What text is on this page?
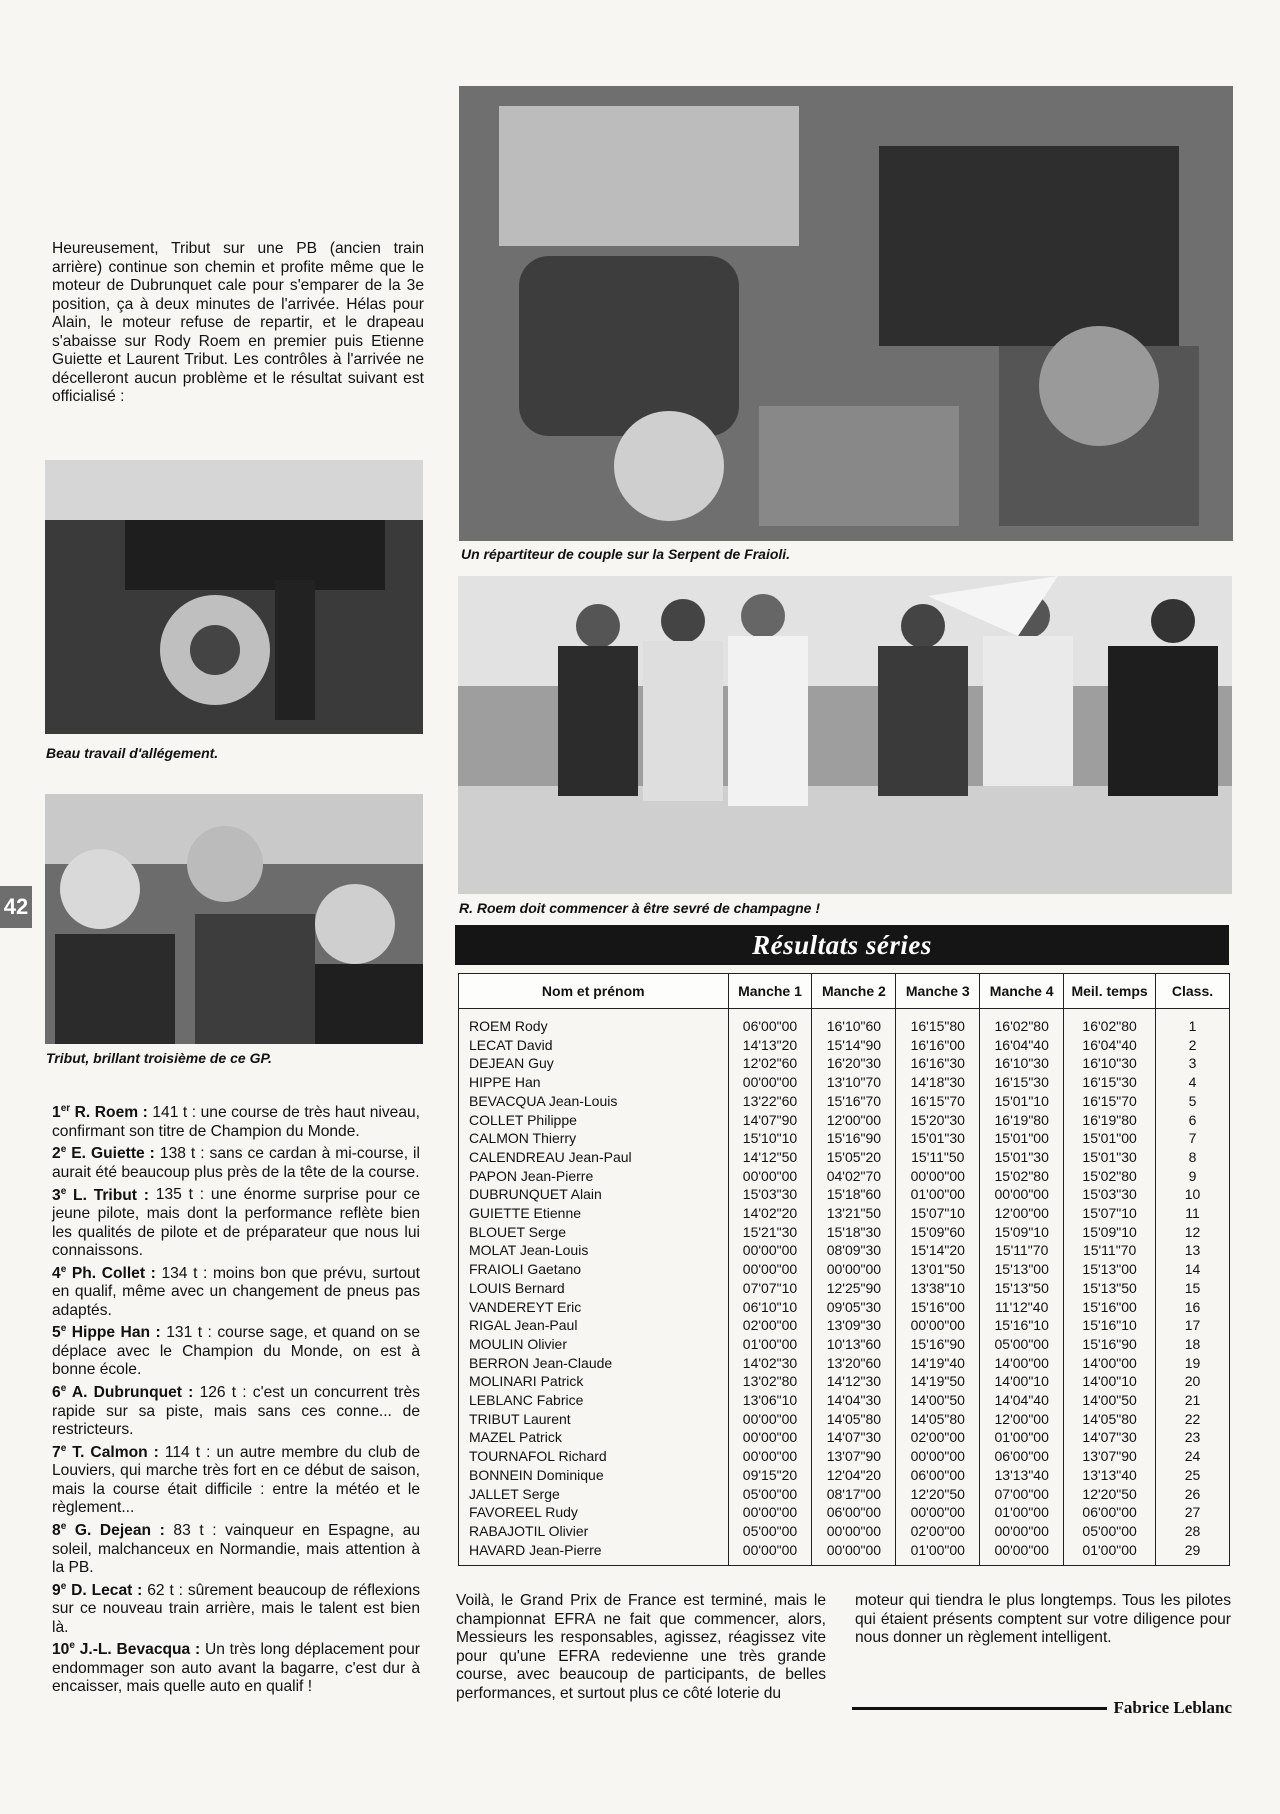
Un répartiteur de couple sur la Serpent de Fraioli.
Beau travail d'allégement.
Tribut, brillant troisième de ce GP.
R. Roem doit commencer à être sevré de champagne !
42
Heureusement, Tribut sur une PB (ancien train arrière) continue son chemin et profite même que le moteur de Dubrunquet cale pour s'emparer de la 3e position, ça à deux minutes de l'arrivée. Hélas pour Alain, le moteur refuse de repartir, et le drapeau s'abaisse sur Rody Roem en premier puis Etienne Guiette et Laurent Tribut. Les contrôles à l'arrivée ne décelleront aucun problème et le résultat suivant est officialisé :

1er R. Roem : 141 t : une course de très haut niveau, confirmant son titre de Champion du Monde.

2e E. Guiette : 138 t : sans ce cardan à mi-course, il aurait été beaucoup plus près de la tête de la course.

3e L. Tribut : 135 t : une énorme surprise pour ce jeune pilote, mais dont la performance reflète bien les qualités de pilote et de préparateur que nous lui connaissons.

4e Ph. Collet : 134 t : moins bon que prévu, surtout en qualif, même avec un changement de pneus pas adaptés.

5e Hippe Han : 131 t : course sage, et quand on se déplace avec le Champion du Monde, on est à bonne école.

6e A. Dubrunquet : 126 t : c'est un concurrent très rapide sur sa piste, mais sans ces conne... de restricteurs.

7e T. Calmon : 114 t : un autre membre du club de Louviers, qui marche très fort en ce début de saison, mais la course était difficile : entre la météo et le règlement...

8e G. Dejean : 83 t : vainqueur en Espagne, au soleil, malchanceux en Normandie, mais attention à la PB.

9e D. Lecat : 62 t : sûrement beaucoup de réflexions sur ce nouveau train arrière, mais le talent est bien là.

10e J.-L. Bevacqua : Un très long déplacement pour endommager son auto avant la bagarre, c'est dur à encaisser, mais quelle auto en qualif !

Résultats séries
Nom et prénom	Manche 1	Manche 2	Manche 3	Manche 4	Meil. temps	Class.
ROEM Rody	06'00"00	16'10"60	16'15"80	16'02"80	16'02"80	1
LECAT David	14'13"20	15'14"90	16'16"00	16'04"40	16'04"40	2
DEJEAN Guy	12'02"60	16'20"30	16'16"30	16'10"30	16'10"30	3
HIPPE Han	00'00"00	13'10"70	14'18"30	16'15"30	16'15"30	4
BEVACQUA Jean-Louis	13'22"60	15'16"70	16'15"70	15'01"10	16'15"70	5
COLLET Philippe	14'07"90	12'00"00	15'20"30	16'19"80	16'19"80	6
CALMON Thierry	15'10"10	15'16"90	15'01"30	15'01"00	15'01"00	7
CALENDREAU Jean-Paul	14'12"50	15'05"20	15'11"50	15'01"30	15'01"30	8
PAPON Jean-Pierre	00'00"00	04'02"70	00'00"00	15'02"80	15'02"80	9
DUBRUNQUET Alain	15'03"30	15'18"60	01'00"00	00'00"00	15'03"30	10
GUIETTE Etienne	14'02"20	13'21"50	15'07"10	12'00"00	15'07"10	11
BLOUET Serge	15'21"30	15'18"30	15'09"60	15'09"10	15'09"10	12
MOLAT Jean-Louis	00'00"00	08'09"30	15'14"20	15'11"70	15'11"70	13
FRAIOLI Gaetano	00'00"00	00'00"00	13'01"50	15'13"00	15'13"00	14
LOUIS Bernard	07'07"10	12'25"90	13'38"10	15'13"50	15'13"50	15
VANDEREYT Eric	06'10"10	09'05"30	15'16"00	11'12"40	15'16"00	16
RIGAL Jean-Paul	02'00"00	13'09"30	00'00"00	15'16"10	15'16"10	17
MOULIN Olivier	01'00"00	10'13"60	15'16"90	05'00"00	15'16"90	18
BERRON Jean-Claude	14'02"30	13'20"60	14'19"40	14'00"00	14'00"00	19
MOLINARI Patrick	13'02"80	14'12"30	14'19"50	14'00"10	14'00"10	20
LEBLANC Fabrice	13'06"10	14'04"30	14'00"50	14'04"40	14'00"50	21
TRIBUT Laurent	00'00"00	14'05"80	14'05"80	12'00"00	14'05"80	22
MAZEL Patrick	00'00"00	14'07"30	02'00"00	01'00"00	14'07"30	23
TOURNAFOL Richard	00'00"00	13'07"90	00'00"00	06'00"00	13'07"90	24
BONNEIN Dominique	09'15"20	12'04"20	06'00"00	13'13"40	13'13"40	25
JALLET Serge	05'00"00	08'17"00	12'20"50	07'00"00	12'20"50	26
FAVOREEL Rudy	00'00"00	06'00"00	00'00"00	01'00"00	06'00"00	27
RABAJOTIL Olivier	05'00"00	00'00"00	02'00"00	00'00"00	05'00"00	28
HAVARD Jean-Pierre	00'00"00	00'00"00	01'00"00	00'00"00	01'00"00	29
Voilà, le Grand Prix de France est terminé, mais le championnat EFRA ne fait que commencer, alors, Messieurs les responsables, agissez, réagissez vite pour qu'une EFRA redevienne une très grande course, avec beaucoup de participants, de belles performances, et surtout plus ce côté loterie du
moteur qui tiendra le plus longtemps. Tous les pilotes qui étaient présents comptent sur votre diligence pour nous donner un règlement intelligent.
Fabrice Leblanc
